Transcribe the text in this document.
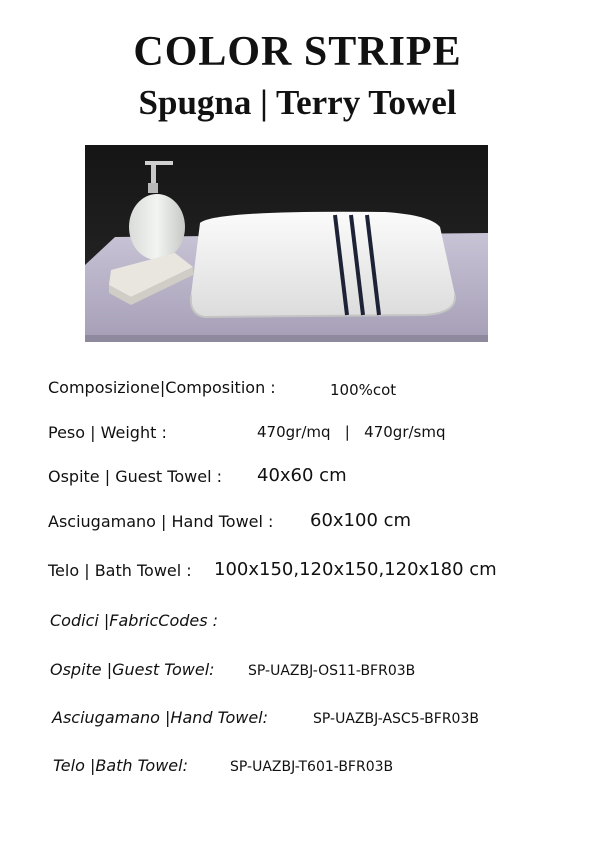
COLOR STRIPE
Spugna | Terry Towel
Composizione|Composition :	100%cot
Peso | Weight :	470gr/mq   |   470gr/smq
Ospite | Guest Towel : 40x60 cm
Asciugamano | Hand Towel : 60x100 cm
Telo | Bath Towel : 100x150,120x150,120x180 cm
Codici |FabricCodes :
Ospite |Guest Towel: SP-UAZBJ-OS11-BFR03B
Asciugamano |Hand Towel:	SP-UAZBJ-ASC5-BFR03B
Telo |Bath Towel:	SP-UAZBJ-T601-BFR03B
